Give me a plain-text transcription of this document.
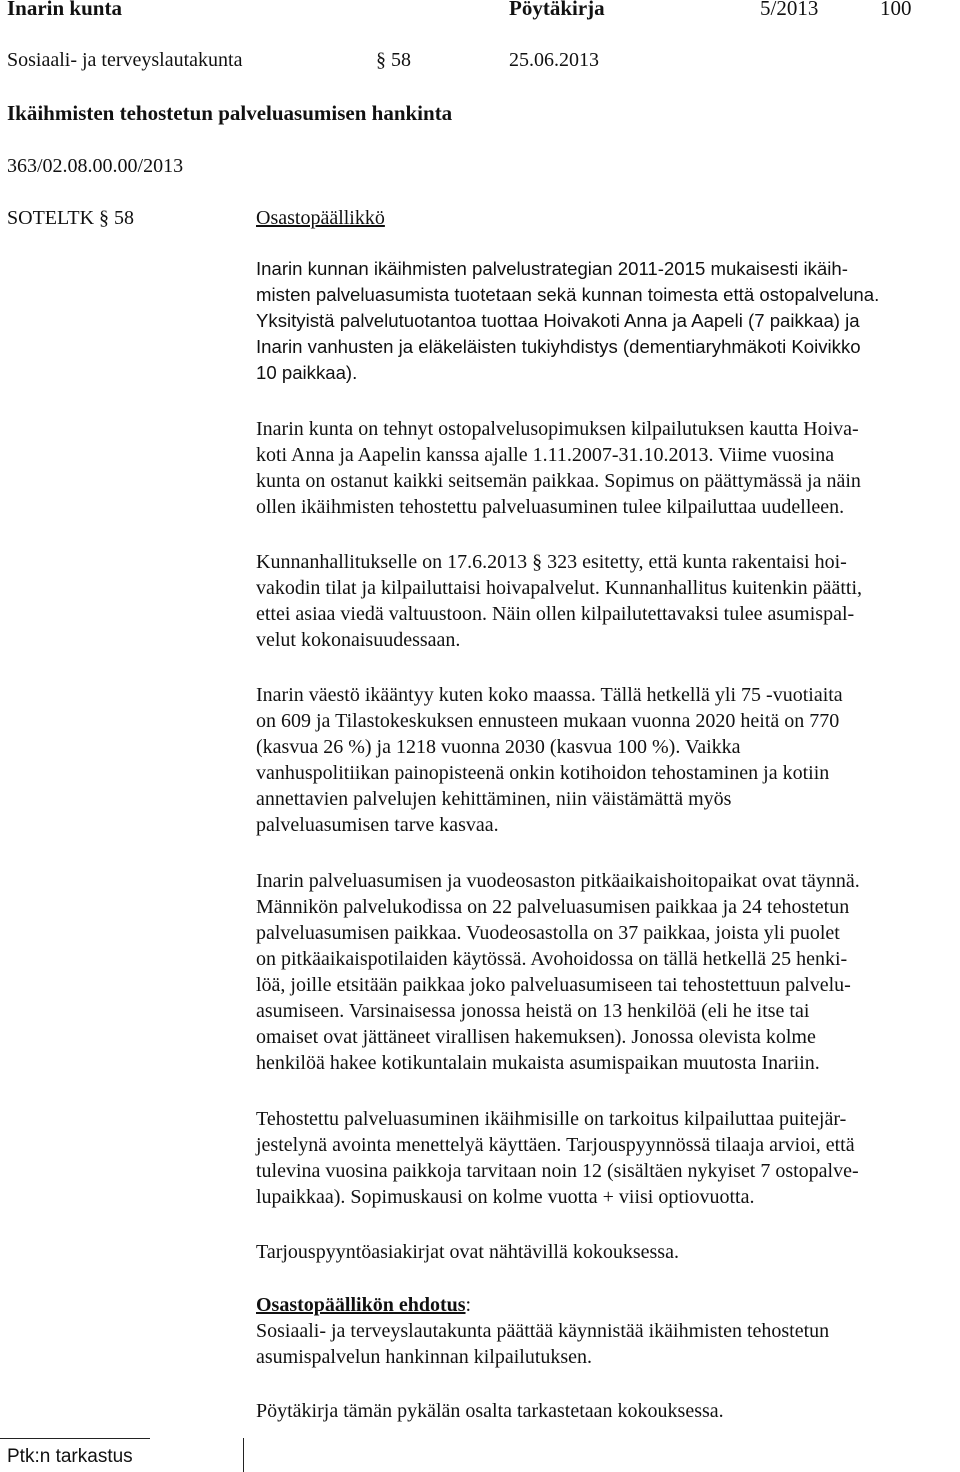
Inarin kunta	Pöytäkirja	5/2013	100
Sosiaali- ja terveyslautakunta	§ 58	25.06.2013
Ikäihmisten tehostetun palveluasumisen hankinta
363/02.08.00.00/2013
SOTELTK § 58	Osastopäällikkö
Inarin kunnan ikäihmisten palvelustrategian 2011-2015 mukaisesti ikäih-
misten palveluasumista tuotetaan sekä kunnan toimesta että ostopalveluna.
Yksityistä palvelutuotantoa tuottaa Hoivakoti Anna ja Aapeli (7 paikkaa) ja
Inarin vanhusten ja eläkeläisten tukiyhdistys (dementiaryhmäkoti Koivikko
10 paikkaa).
Inarin kunta on tehnyt ostopalvelusopimuksen kilpailutuksen kautta Hoiva-
koti Anna ja Aapelin kanssa ajalle 1.11.2007-31.10.2013. Viime vuosina
kunta on ostanut kaikki seitsemän paikkaa. Sopimus on päättymässä ja näin
ollen ikäihmisten tehostettu palveluasuminen tulee kilpailuttaa uudelleen.
Kunnanhallitukselle on 17.6.2013 § 323 esitetty, että kunta rakentaisi hoi-
vakodin tilat ja kilpailuttaisi hoivapalvelut. Kunnanhallitus kuitenkin päätti,
ettei asiaa viedä valtuustoon. Näin ollen kilpailutettavaksi tulee asumispal-
velut kokonaisuudessaan.
Inarin väestö ikääntyy kuten koko maassa. Tällä hetkellä yli 75 -vuotiaita
on 609 ja Tilastokeskuksen ennusteen mukaan vuonna 2020 heitä on 770
(kasvua 26 %) ja 1218 vuonna 2030 (kasvua 100 %). Vaikka
vanhuspolitiikan painopisteenä onkin kotihoidon tehostaminen ja kotiin
annettavien palvelujen kehittäminen, niin väistämättä myös
palveluasumisen tarve kasvaa.
Inarin palveluasumisen ja vuodeosaston pitkäaikaishoitopaikat ovat täynnä.
Männikön palvelukodissa on 22 palveluasumisen paikkaa ja 24 tehostetun
palveluasumisen paikkaa. Vuodeosastolla on 37 paikkaa, joista yli puolet
on pitkäaikaispotilaiden käytössä. Avohoidossa on tällä hetkellä 25 henki-
löä, joille etsitään paikkaa joko palveluasumiseen tai tehostettuun palvelu-
asumiseen. Varsinaisessa jonossa heistä on 13 henkilöä (eli he itse tai
omaiset ovat jättäneet virallisen hakemuksen). Jonossa olevista kolme
henkilöä hakee kotikuntalain mukaista asumispaikan muutosta Inariin.
Tehostettu palveluasuminen ikäihmisille on tarkoitus kilpailuttaa puitejär-
jestelynä avointa menettelyä käyttäen. Tarjouspyynnössä tilaaja arvioi, että
tulevina vuosina paikkoja tarvitaan noin 12 (sisältäen nykyiset 7 ostopalve-
lupaikkaa). Sopimuskausi on kolme vuotta + viisi optiovuotta.
Tarjouspyyntöasiakirjat ovat nähtävillä kokouksessa.
Osastopäällikön ehdotus:
Sosiaali- ja terveyslautakunta päättää käynnistää ikäihmisten tehostetun
asumispalvelun hankinnan kilpailutuksen.
Pöytäkirja tämän pykälän osalta tarkastetaan kokouksessa.
Ptk:n tarkastus
